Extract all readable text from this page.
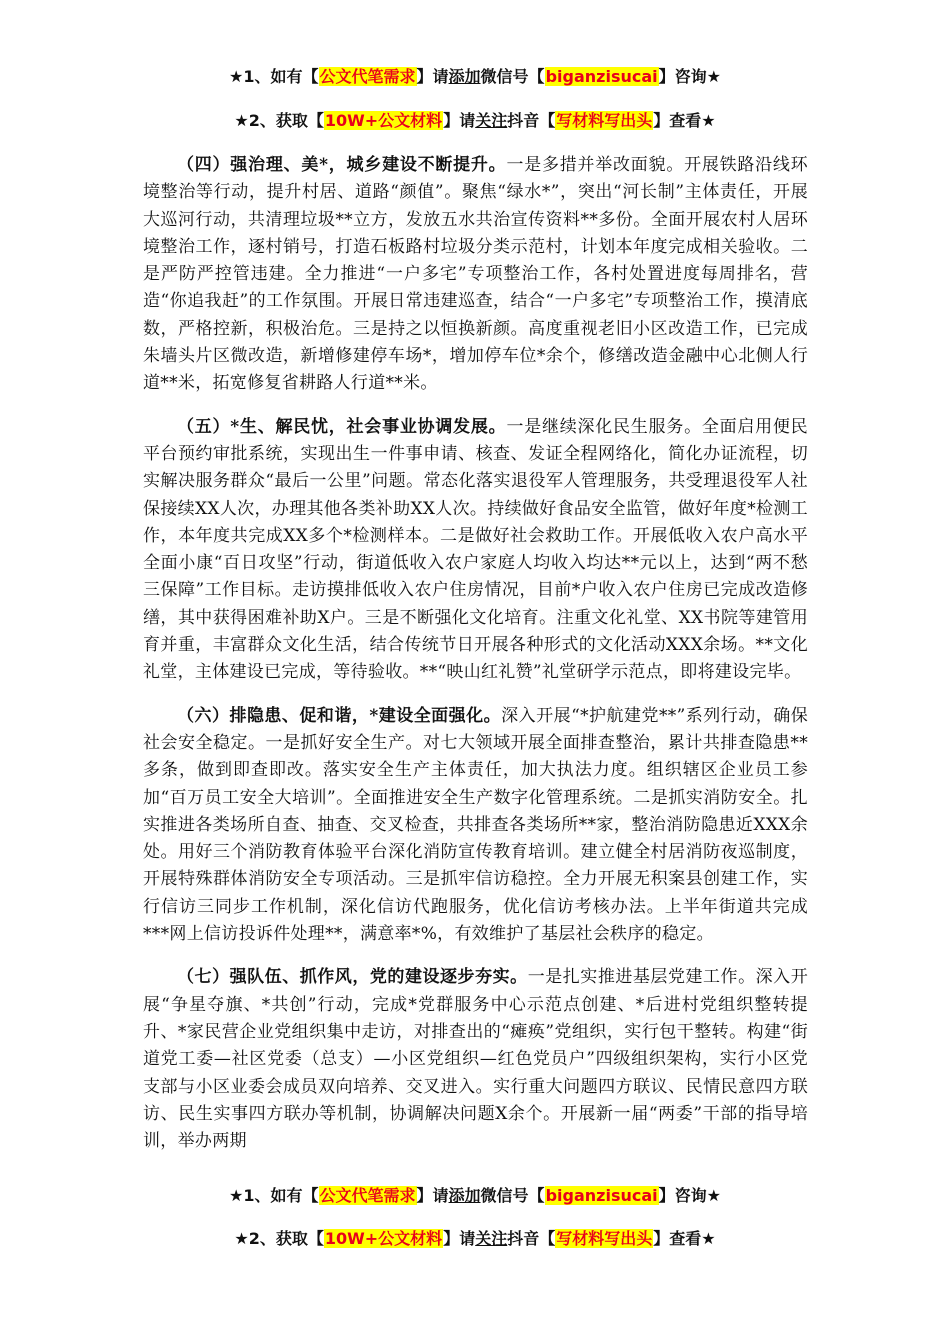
★1、如有【公文代笔需求】请添加微信号【biganzisucai】咨询★
★2、获取【10W+公文材料】请关注抖音【写材料写出头】查看★

（四）强治理、美*，城乡建设不断提升。一是多措并举改面貌。开展铁路沿线环境整治等行动，提升村居、道路“颜值”。聚焦“绿水*”，突出“河长制”主体责任，开展大巡河行动，共清理垃圾**立方，发放五水共治宣传资料**多份。全面开展农村人居环境整治工作，逐村销号，打造石板路村垃圾分类示范村，计划本年度完成相关验收。二是严防严控管违建。全力推进“一户多宅”专项整治工作，各村处置进度每周排名，营造“你追我赶”的工作氛围。开展日常违建巡查，结合“一户多宅”专项整治工作，摸清底数，严格控新，积极治危。三是持之以恒换新颜。高度重视老旧小区改造工作，已完成朱墙头片区微改造，新增修建停车场*，增加停车位*余个，修缮改造金融中心北侧人行道**米，拓宽修复省耕路人行道**米。

（五）*生、解民忧，社会事业协调发展。一是继续深化民生服务。全面启用便民平台预约审批系统，实现出生一件事申请、核查、发证全程网络化，简化办证流程，切实解决服务群众“最后一公里”问题。常态化落实退役军人管理服务，共受理退役军人社保接续XX人次，办理其他各类补助XX人次。持续做好食品安全监管，做好年度*检测工作，本年度共完成XX多个*检测样本。二是做好社会救助工作。开展低收入农户高水平全面小康“百日攻坚”行动，街道低收入农户家庭人均收入均达**元以上，达到“两不愁三保障”工作目标。走访摸排低收入农户住房情况，目前*户收入农户住房已完成改造修缮，其中获得困难补助X户。三是不断强化文化培育。注重文化礼堂、XX书院等建管用育并重，丰富群众文化生活，结合传统节日开展各种形式的文化活动XXX余场。**文化礼堂，主体建设已完成，等待验收。**“映山红礼赞”礼堂研学示范点，即将建设完毕。

（六）排隐患、促和谐，*建设全面强化。深入开展“*护航建党**”系列行动，确保社会安全稳定。一是抓好安全生产。对七大领域开展全面排查整治，累计共排查隐患**多条，做到即查即改。落实安全生产主体责任，加大执法力度。组织辖区企业员工参加“百万员工安全大培训”。全面推进安全生产数字化管理系统。二是抓实消防安全。扎实推进各类场所自查、抽查、交叉检查，共排查各类场所**家，整治消防隐患近XXX余处。用好三个消防教育体验平台深化消防宣传教育培训。建立健全村居消防夜巡制度，开展特殊群体消防安全专项活动。三是抓牢信访稳控。全力开展无积案县创建工作，实行信访三同步工作机制，深化信访代跑服务，优化信访考核办法。上半年街道共完成***网上信访投诉件处理**，满意率*%，有效维护了基层社会秩序的稳定。

（七）强队伍、抓作风，党的建设逐步夯实。一是扎实推进基层党建工作。深入开展“争星夺旗、*共创”行动，完成*党群服务中心示范点创建、*后进村党组织整转提升、*家民营企业党组织集中走访，对排查出的“瘫痪”党组织，实行包干整转。构建“街道党工委—社区党委（总支）—小区党组织—红色党员户”四级组织架构，实行小区党支部与小区业委会成员双向培养、交叉进入。实行重大问题四方联议、民情民意四方联访、民生实事四方联办等机制，协调解决问题X余个。开展新一届“两委”干部的指导培训，举办两期

★1、如有【公文代笔需求】请添加微信号【biganzisucai】咨询★
★2、获取【10W+公文材料】请关注抖音【写材料写出头】查看★
